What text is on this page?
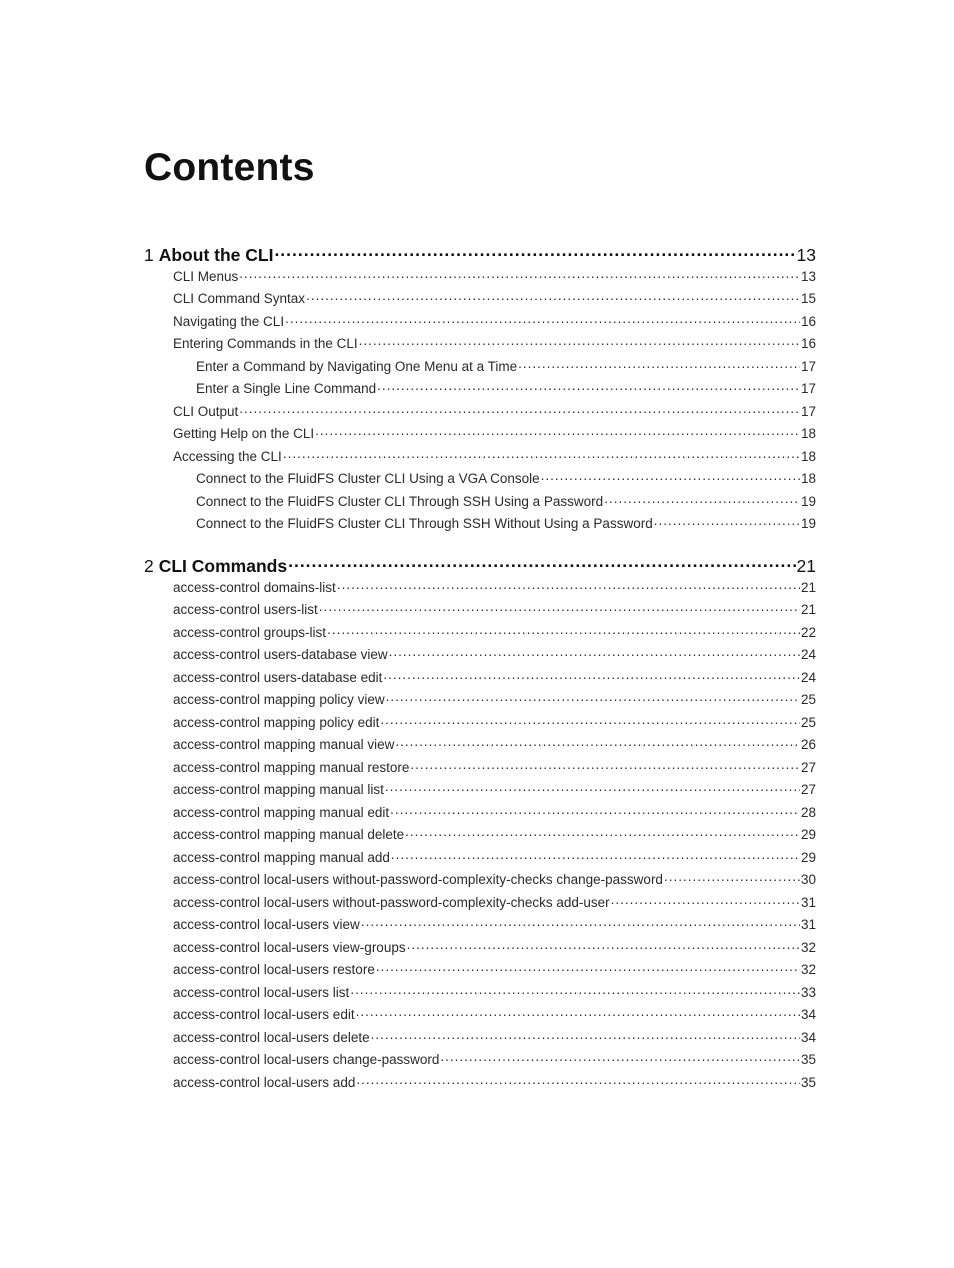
Contents
1 About the CLI .....	13
CLI Menus .....	13
CLI Command Syntax .....	15
Navigating the CLI .....	16
Entering Commands in the CLI .....	16
Enter a Command by Navigating One Menu at a Time .....	17
Enter a Single Line Command .....	17
CLI Output .....	17
Getting Help on the CLI .....	18
Accessing the CLI .....	18
Connect to the FluidFS Cluster CLI Using a VGA Console .....	18
Connect to the FluidFS Cluster CLI Through SSH Using a Password .....	19
Connect to the FluidFS Cluster CLI Through SSH Without Using a Password .....	19
2 CLI Commands .....	21
access-control domains-list .....	21
access-control users-list .....	21
access-control groups-list .....	22
access-control users-database view .....	24
access-control users-database edit .....	24
access-control mapping policy view .....	25
access-control mapping policy edit .....	25
access-control mapping manual view .....	26
access-control mapping manual restore .....	27
access-control mapping manual list .....	27
access-control mapping manual edit .....	28
access-control mapping manual delete .....	29
access-control mapping manual add .....	29
access-control local-users without-password-complexity-checks change-password .....	30
access-control local-users without-password-complexity-checks add-user .....	31
access-control local-users view .....	31
access-control local-users view-groups .....	32
access-control local-users restore .....	32
access-control local-users list .....	33
access-control local-users edit .....	34
access-control local-users delete .....	34
access-control local-users change-password .....	35
access-control local-users add .....	35
